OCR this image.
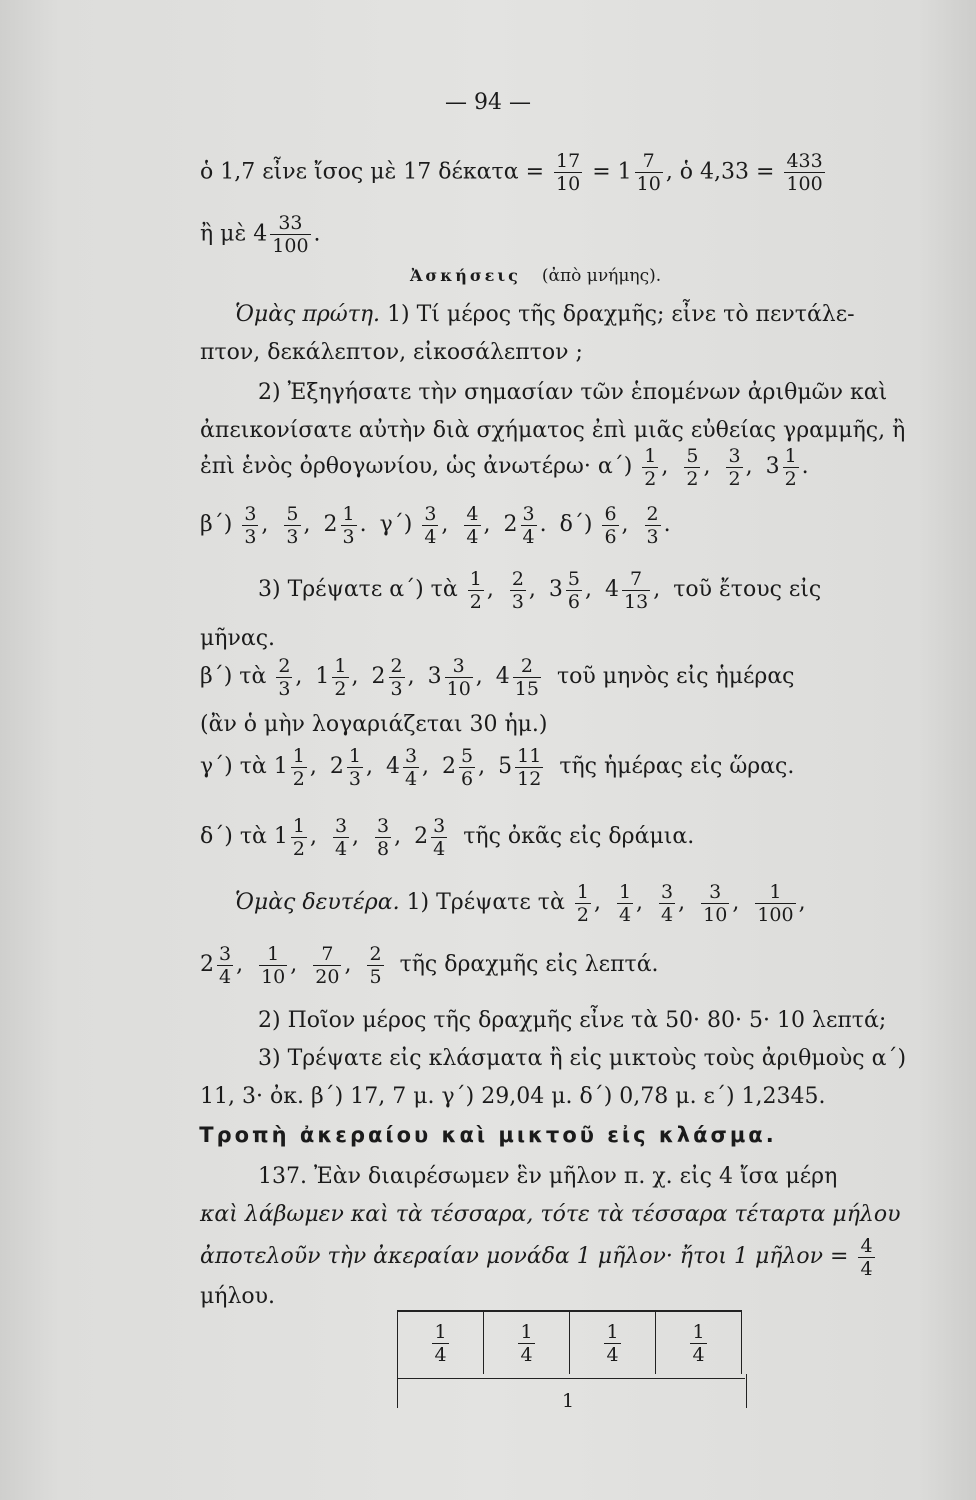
— 94 —
ὁ 1,7 εἶνε ἴσος μὲ 17 $\delta έ\kappa\alpha\tau\alpha = \frac{17}{10} = 1 \frac{7}{10}$ , ὁ $4,33 = \frac{433}{100}$
ἢ μὲ $4 \frac{33}{100}$ .
Ἀσκήσεις (ἀπὸ μνήμης).
Ὁμὰς πρώτη. 1) Τί μέρος τῆς δραχμῆς; εἶνε τὸ πεντάλε-
πτον, δεκάλεπτον, εἰκοσάλεπτον ;
2) Ἐξηγήσατε τὴν σημασίαν τῶν ἑπομένων ἀριθμῶν καὶ
ἀπεικονίσατε αὐτὴν διὰ σχήματος ἐπὶ μιᾶς εὐθείας γραμμῆς, ἢ
ἐπὶ ἑνὸς ὀρθογωνίου, ὡς ἀνωτέρω· $\alpha΄) \frac{1}{2}$ , $\frac{5}{2}$ , $\frac{3}{2}$ , $3 \frac{1}{2}$ .
$\beta΄) \frac{3}{3}$ , $\frac{5}{3}$ , $2 \frac{1}{3}$ . $\gamma΄) \frac{3}{4}$ , $\frac{4}{4}$ , $2 \frac{3}{4}$ . $\delta΄) \frac{6}{6}$ , $\frac{2}{3}$ .
3) Τρέψατε α΄) τὰ $\frac{1}{2}$ , $\frac{2}{3}$ , $3 \frac{5}{6}$ , $4 \frac{7}{13}$ , τοῦ ἔτους εἰς
μῆνας.
β΄) τὰ $\frac{2}{3}$ , $1 \frac{1}{2}$ , $2 \frac{2}{3}$ , $3 \frac{3}{10}$ , $4 \frac{2}{15}$ τοῦ μηνὸς εἰς ἡμέρας
(ἂν ὁ μὴν λογαριάζεται 30 ἡμ.)
γ΄) τὰ $1 \frac{1}{2}$ , $2 \frac{1}{3}$ , $4 \frac{3}{4}$ , $2 \frac{5}{6}$ , $5 \frac{11}{12}$ τῆς ἡμέρας εἰς ὥρας.
δ΄) τὰ $1 \frac{1}{2}$ , $\frac{3}{4}$ , $\frac{3}{8}$ , $2 \frac{3}{4}$ τῆς ὀκᾶς εἰς δράμια.
Ὁμὰς δευτέρα. 1) Τρέψατε τὰ $\frac{1}{2}$ , $\frac{1}{4}$ , $\frac{3}{4}$ , $\frac{3}{10}$ , $\frac{1}{100}$ ,
$2 \frac{3}{4}$ , $\frac{1}{10}$ , $\frac{7}{20}$ , $\frac{2}{5}$ τῆς δραχμῆς εἰς λεπτά.
2) Ποῖον μέρος τῆς δραχμῆς εἶνε τὰ 50· 80· 5· 10 λεπτά;
3) Τρέψατε εἰς κλάσματα ἢ εἰς μικτοὺς τοὺς ἀριθμοὺς α΄)
11, 3· ὀκ. β΄) 17, 7 μ. γ΄) 29,04 μ. δ΄) 0,78 μ. ε΄) 1,2345.
Τροπὴ ἀκεραίου καὶ μικτοῦ εἰς κλάσμα.
137. Ἐὰν διαιρέσωμεν ἓν μῆλον π. χ. εἰς 4 ἴσα μέρη
καὶ λάβωμεν καὶ τὰ τέσσαρα, τότε τὰ τέσσαρα τέταρτα μήλου
ἀποτελοῦν τὴν ἀκεραίαν μονάδα 1 μῆλον· ἤτοι 1 μῆλον = $\frac{4}{4}$
μήλου.
$\frac{1}{4}$	$\frac{1}{4}$	$\frac{1}{4}$	$\frac{1}{4}$
1
